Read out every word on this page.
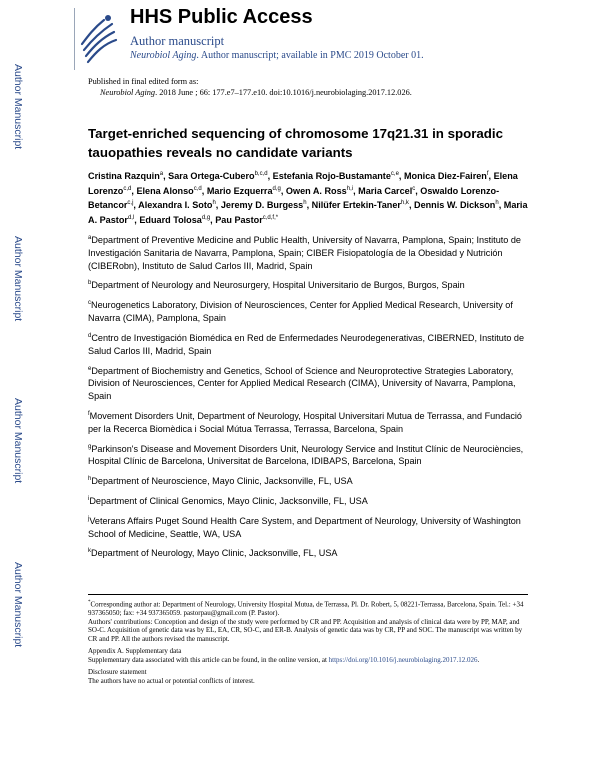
Author Manuscript
Author Manuscript
Author Manuscript
Author Manuscript
HHS Public Access
Author manuscript
Neurobiol Aging. Author manuscript; available in PMC 2019 October 01.
Published in final edited form as:
Neurobiol Aging. 2018 June ; 66: 177.e7–177.e10. doi:10.1016/j.neurobiolaging.2017.12.026.
Target-enriched sequencing of chromosome 17q21.31 in sporadic tauopathies reveals no candidate variants
Cristina Razquin$^a$, Sara Ortega-Cubero$^{b,c,d}$, Estefania Rojo-Bustamante$^{c,e}$, Monica Diez-Fairen$^f$, Elena Lorenzo$^{c,d}$, Elena Alonso$^{c,d}$, Mario Ezquerra$^{d,g}$, Owen A. Ross$^{h,i}$, Maria Carcel$^c$, Oswaldo Lorenzo-Betancor$^{c,j}$, Alexandra I. Soto$^h$, Jeremy D. Burgess$^h$, Nilüfer Ertekin-Taner$^{h,k}$, Dennis W. Dickson$^h$, Maria A. Pastor$^{d,l}$, Eduard Tolosa$^{d,g}$, Pau Pastor$^{c,d,f,*}$
$^a$Department of Preventive Medicine and Public Health, University of Navarra, Pamplona, Spain; Instituto de Investigación Sanitaria de Navarra, Pamplona, Spain; CIBER Fisiopatología de la Obesidad y Nutrición (CIBERobn), Instituto de Salud Carlos III, Madrid, Spain
$^b$Department of Neurology and Neurosurgery, Hospital Universitario de Burgos, Burgos, Spain
$^c$Neurogenetics Laboratory, Division of Neurosciences, Center for Applied Medical Research, University of Navarra (CIMA), Pamplona, Spain
$^d$Centro de Investigación Biomédica en Red de Enfermedades Neurodegenerativas, CIBERNED, Instituto de Salud Carlos III, Madrid, Spain
$^e$Department of Biochemistry and Genetics, School of Science and Neuroprotective Strategies Laboratory, Division of Neurosciences, Center for Applied Medical Research (CIMA), University of Navarra, Pamplona, Spain
$^f$Movement Disorders Unit, Department of Neurology, Hospital Universitari Mutua de Terrassa, and Fundació per la Recerca Biomèdica i Social Mútua Terrassa, Terrassa, Barcelona, Spain
$^g$Parkinson's Disease and Movement Disorders Unit, Neurology Service and Institut Clínic de Neurociències, Hospital Clínic de Barcelona, Universitat de Barcelona, IDIBAPS, Barcelona, Spain
$^h$Department of Neuroscience, Mayo Clinic, Jacksonville, FL, USA
$^i$Department of Clinical Genomics, Mayo Clinic, Jacksonville, FL, USA
$^j$Veterans Affairs Puget Sound Health Care System, and Department of Neurology, University of Washington School of Medicine, Seattle, WA, USA
$^k$Department of Neurology, Mayo Clinic, Jacksonville, FL, USA
*Corresponding author at: Department of Neurology, University Hospital Mutua, de Terrassa, Pl. Dr. Robert, 5, 08221-Terrassa, Barcelona, Spain. Tel.: +34 937365050; fax: +34 937365059. pastorpau@gmail.com (P. Pastor).
Authors' contributions: Conception and design of the study were performed by CR and PP. Acquisition and analysis of clinical data were by PP, MAP, and SO-C. Acquisition of genetic data was by EL, EA, CR, SO-C, and ER-B. Analysis of genetic data was by CR, PP and SOC. The manuscript was written by CR and PP. All the authors revised the manuscript.
Appendix A. Supplementary data
Supplementary data associated with this article can be found, in the online version, at https://doi.org/10.1016/j.neurobiolaging.2017.12.026.
Disclosure statement
The authors have no actual or potential conflicts of interest.
